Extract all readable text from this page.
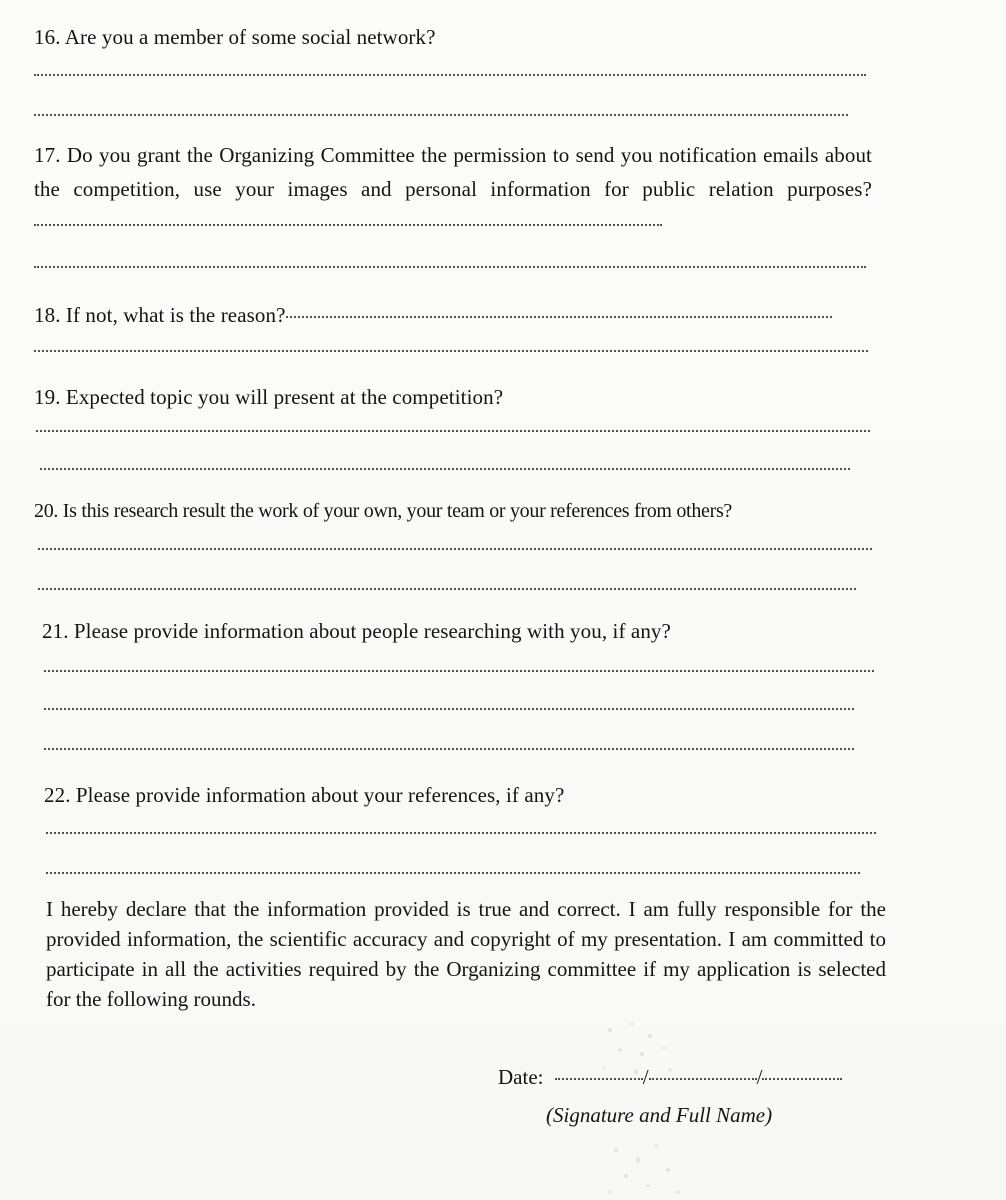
16. Are you a member of some social network?
17. Do you grant the Organizing Committee the permission to send you notification emails about the competition, use your images and personal information for public relation purposes?
18. If not, what is the reason?
19. Expected topic you will present at the competition?
20. Is this research result the work of your own, your team or your references from others?
21. Please provide information about people researching with you, if any?
22. Please provide information about your references, if any?
I hereby declare that the information provided is true and correct. I am fully responsible for the provided information, the scientific accuracy and copyright of my presentation. I am committed to participate in all the activities required by the Organizing committee if my application is selected for the following rounds.
Date:	/	/
(Signature and Full Name)
